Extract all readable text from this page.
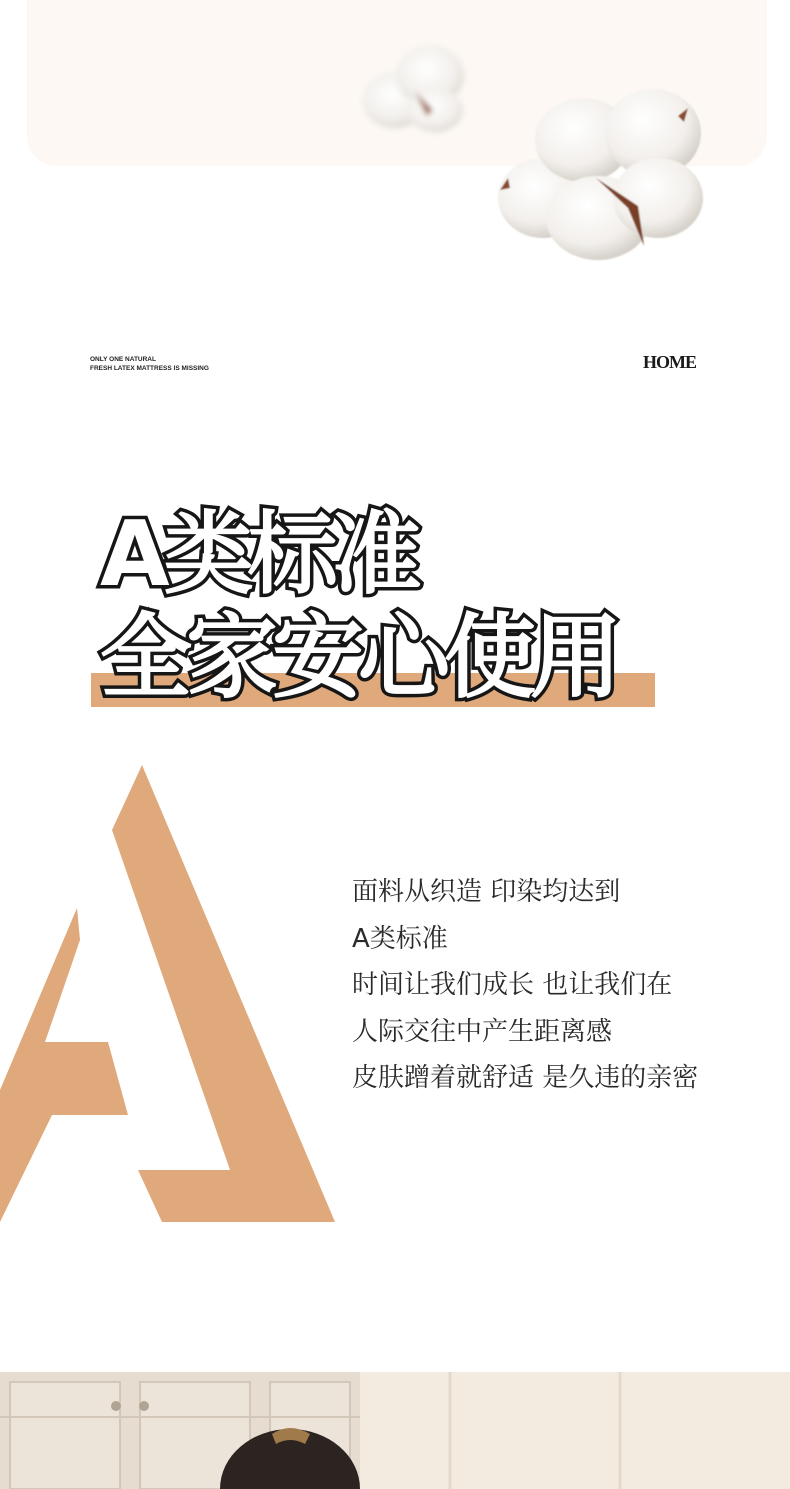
ONLY ONE NATURAL
FRESH LATEX MATTRESS IS MISSING	HOME
A类标准
全家安心使用
面料从织造 印染均达到
A类标准
时间让我们成长 也让我们在
人际交往中产生距离感
皮肤蹭着就舒适 是久违的亲密
